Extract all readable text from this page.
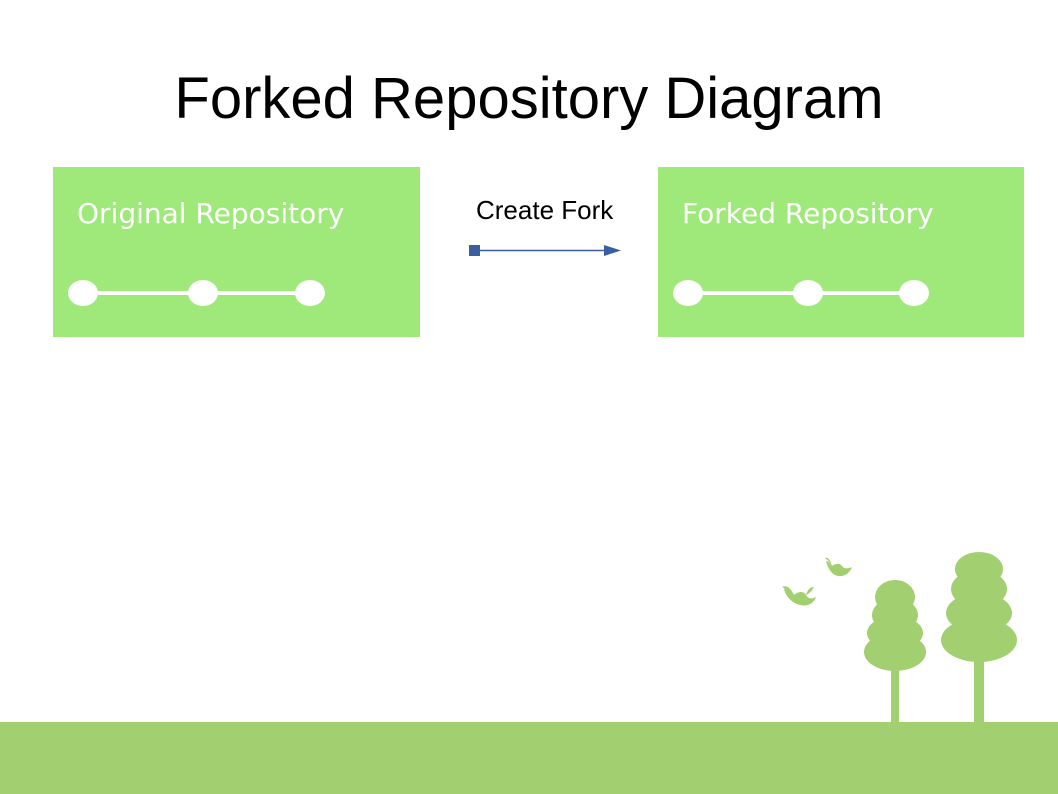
Forked Repository Diagram
Original Repository	Create Fork Forked Repository
